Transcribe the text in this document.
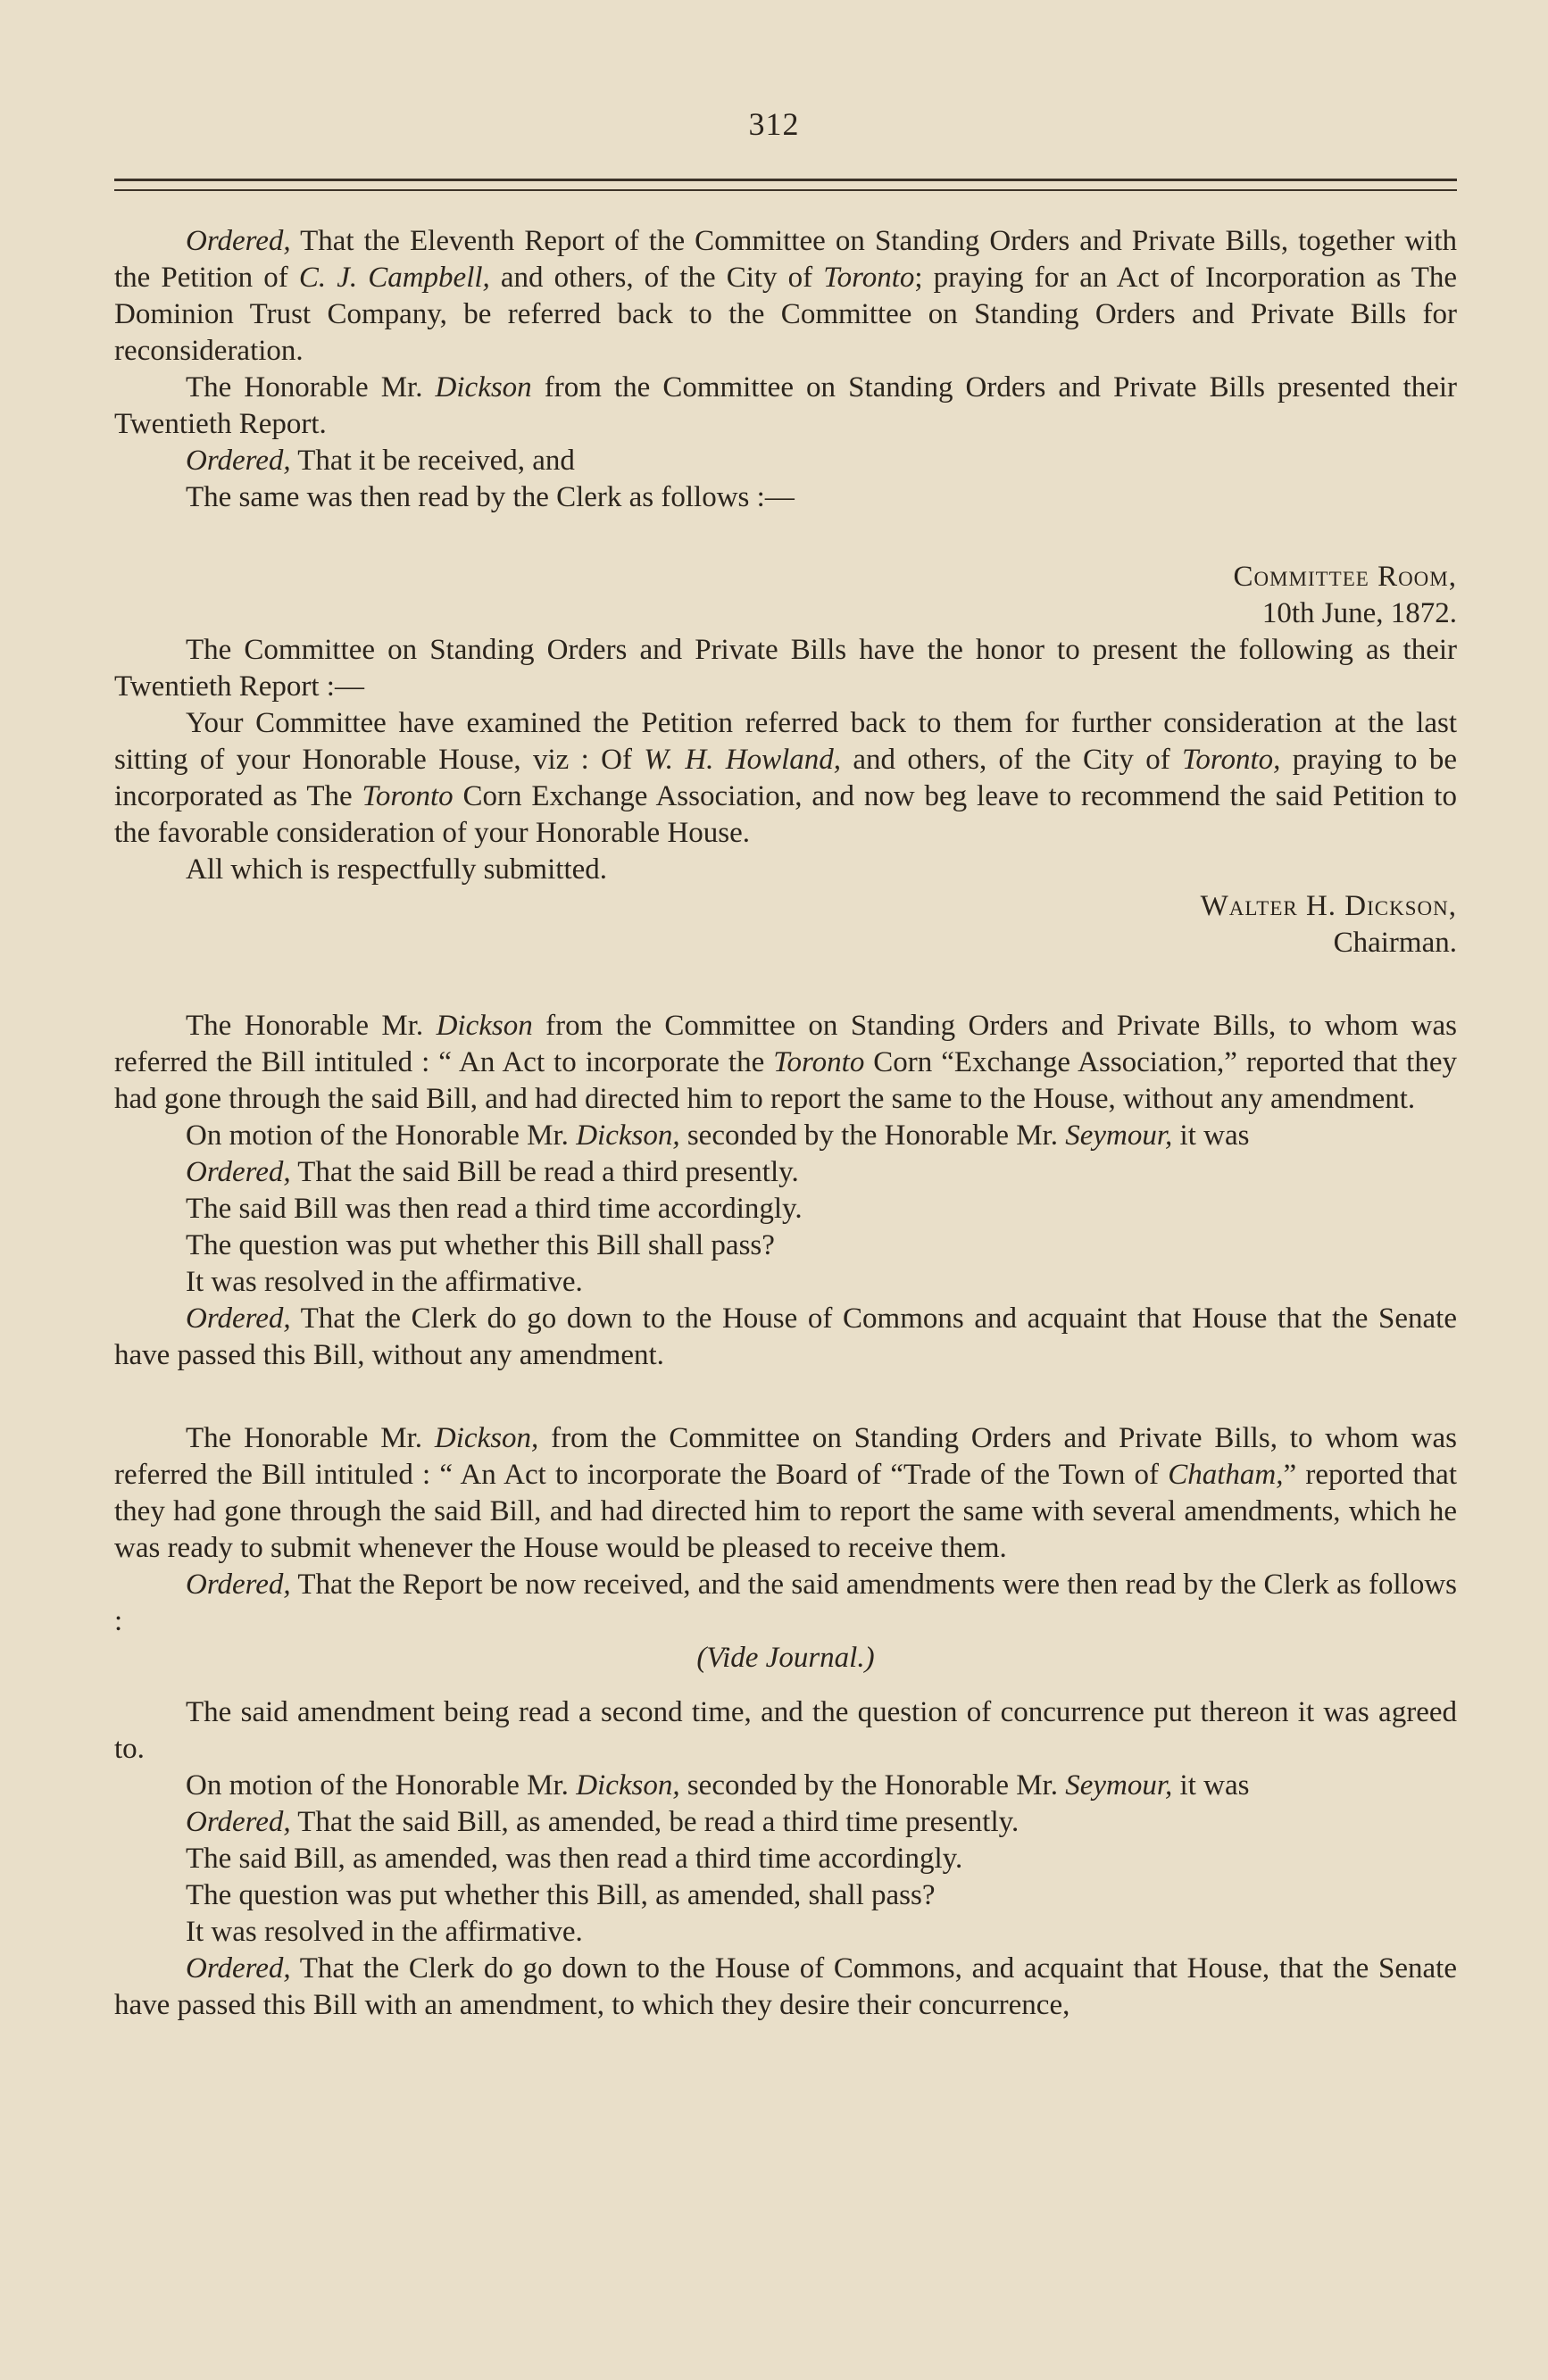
312

Ordered, That the Eleventh Report of the Committee on Standing Orders and Private Bills, together with the Petition of C. J. Campbell, and others, of the City of Toronto; praying for an Act of Incorporation as The Dominion Trust Company, be referred back to the Committee on Standing Orders and Private Bills for reconsideration.

The Honorable Mr. Dickson from the Committee on Standing Orders and Private Bills presented their Twentieth Report.

Ordered, That it be received, and

The same was then read by the Clerk as follows :—

Committee Room,

10th June, 1872.

The Committee on Standing Orders and Private Bills have the honor to present the following as their Twentieth Report :—

Your Committee have examined the Petition referred back to them for further consideration at the last sitting of your Honorable House, viz : Of W. H. Howland, and others, of the City of Toronto, praying to be incorporated as The Toronto Corn Exchange Association, and now beg leave to recommend the said Petition to the favorable consideration of your Honorable House.

All which is respectfully submitted.

Walter H. Dickson,

Chairman.

The Honorable Mr. Dickson from the Committee on Standing Orders and Private Bills, to whom was referred the Bill intituled : “ An Act to incorporate the Toronto Corn “Exchange Association,” reported that they had gone through the said Bill, and had directed him to report the same to the House, without any amendment.

On motion of the Honorable Mr. Dickson, seconded by the Honorable Mr. Seymour, it was

Ordered, That the said Bill be read a third presently.

The said Bill was then read a third time accordingly.

The question was put whether this Bill shall pass?

It was resolved in the affirmative.

Ordered, That the Clerk do go down to the House of Commons and acquaint that House that the Senate have passed this Bill, without any amendment.

The Honorable Mr. Dickson, from the Committee on Standing Orders and Private Bills, to whom was referred the Bill intituled : “ An Act to incorporate the Board of “Trade of the Town of Chatham,” reported that they had gone through the said Bill, and had directed him to report the same with several amendments, which he was ready to submit whenever the House would be pleased to receive them.

Ordered, That the Report be now received, and the said amendments were then read by the Clerk as follows :

(Vide Journal.)

The said amendment being read a second time, and the question of concurrence put thereon it was agreed to.

On motion of the Honorable Mr. Dickson, seconded by the Honorable Mr. Seymour, it was

Ordered, That the said Bill, as amended, be read a third time presently.

The said Bill, as amended, was then read a third time accordingly.

The question was put whether this Bill, as amended, shall pass?

It was resolved in the affirmative.

Ordered, That the Clerk do go down to the House of Commons, and acquaint that House, that the Senate have passed this Bill with an amendment, to which they desire their concurrence,
